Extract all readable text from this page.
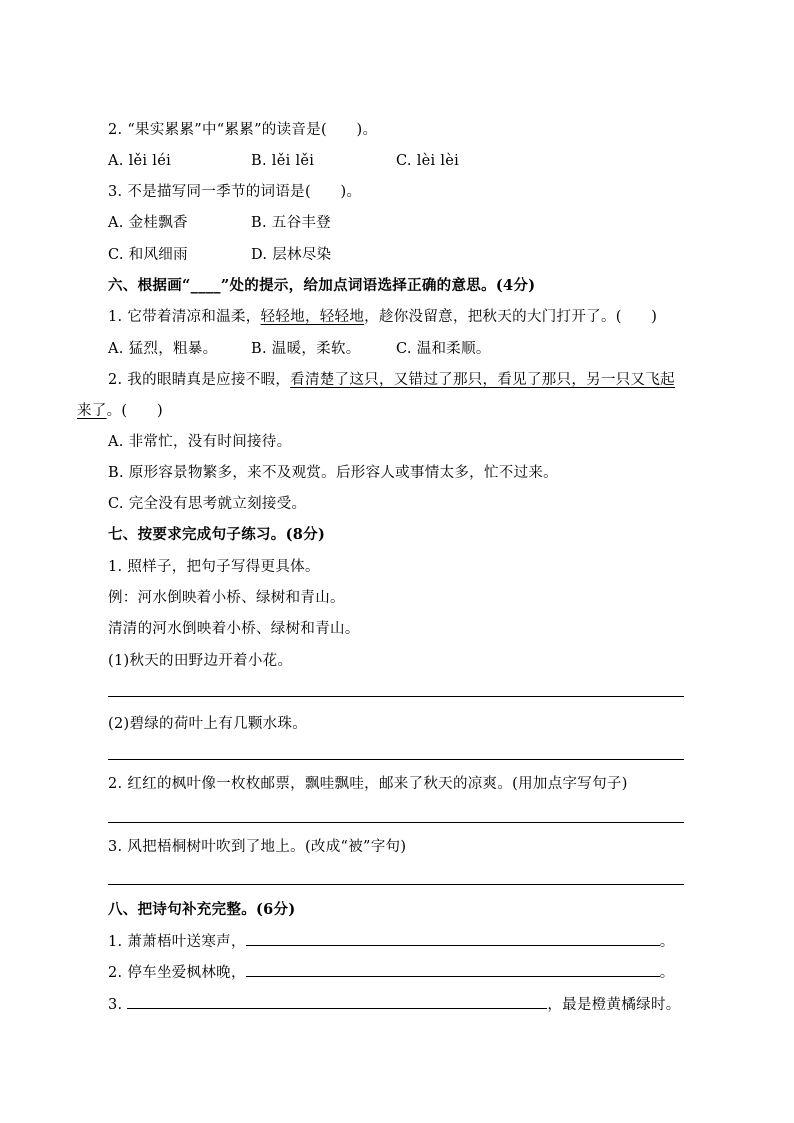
2. “果实累累”中“累累”的读音是(　　)。
A. lěi léi	B. lěi lěi	C. lèi lèi
3. 不是描写同一季节的词语是(　　)。
A. 金桂飘香	B. 五谷丰登
C. 和风细雨	D. 层林尽染
六、根据画“____”处的提示，给加点词语选择正确的意思。(4分)
1. 它带着清凉和温柔，轻轻地，轻轻地，趁你没留意，把秋天的大门打开了。(　　)
A. 猛烈，粗暴。 B. 温暖，柔软。 C. 温和柔顺。
2. 我的眼睛真是应接不暇，看清楚了这只，又错过了那只，看见了那只，另一只又飞起
来了。(　　)
A. 非常忙，没有时间接待。
B. 原形容景物繁多，来不及观赏。后形容人或事情太多，忙不过来。
C. 完全没有思考就立刻接受。
七、按要求完成句子练习。(8分)
1. 照样子，把句子写得更具体。
例：河水倒映着小桥、绿树和青山。
清清的河水倒映着小桥、绿树和青山。
(1)秋天的田野边开着小花。
(2)碧绿的荷叶上有几颗水珠。
2. 红红的枫叶像一枚枚邮票，飘哇飘哇，邮来了秋天的凉爽。(用加点字写句子)
3. 风把梧桐树叶吹到了地上。(改成“被”字句)
八、把诗句补充完整。(6分)
1. 萧萧梧叶送寒声，	。
2. 停车坐爱枫林晚，	。
3.	，最是橙黄橘绿时。
